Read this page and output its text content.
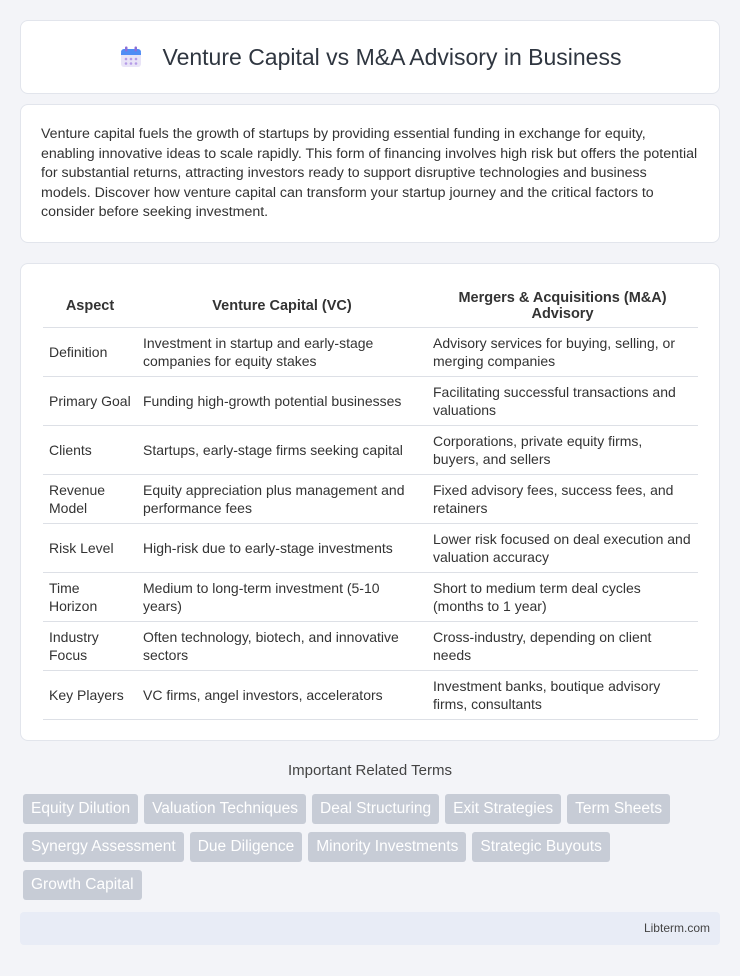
Venture Capital vs M&A Advisory in Business

Venture capital fuels the growth of startups by providing essential funding in exchange for equity, enabling innovative ideas to scale rapidly. This form of financing involves high risk but offers the potential for substantial returns, attracting investors ready to support disruptive technologies and business models. Discover how venture capital can transform your startup journey and the critical factors to consider before seeking investment.

Aspect	Venture Capital (VC)	Mergers & Acquisitions (M&A) Advisory
Definition	Investment in startup and early-stage companies for equity stakes	Advisory services for buying, selling, or merging companies
Primary Goal	Funding high-growth potential businesses	Facilitating successful transactions and valuations
Clients	Startups, early-stage firms seeking capital	Corporations, private equity firms, buyers, and sellers
Revenue Model	Equity appreciation plus management and performance fees	Fixed advisory fees, success fees, and retainers
Risk Level	High-risk due to early-stage investments	Lower risk focused on deal execution and valuation accuracy
Time Horizon	Medium to long-term investment (5-10 years)	Short to medium term deal cycles (months to 1 year)
Industry Focus	Often technology, biotech, and innovative sectors	Cross-industry, depending on client needs
Key Players	VC firms, angel investors, accelerators	Investment banks, boutique advisory firms, consultants
Important Related Terms
Equity Dilution	Valuation Techniques	Deal Structuring	Exit Strategies	Term Sheets
Synergy Assessment	Due Diligence	Minority Investments	Strategic Buyouts
Growth Capital
Libterm.com
